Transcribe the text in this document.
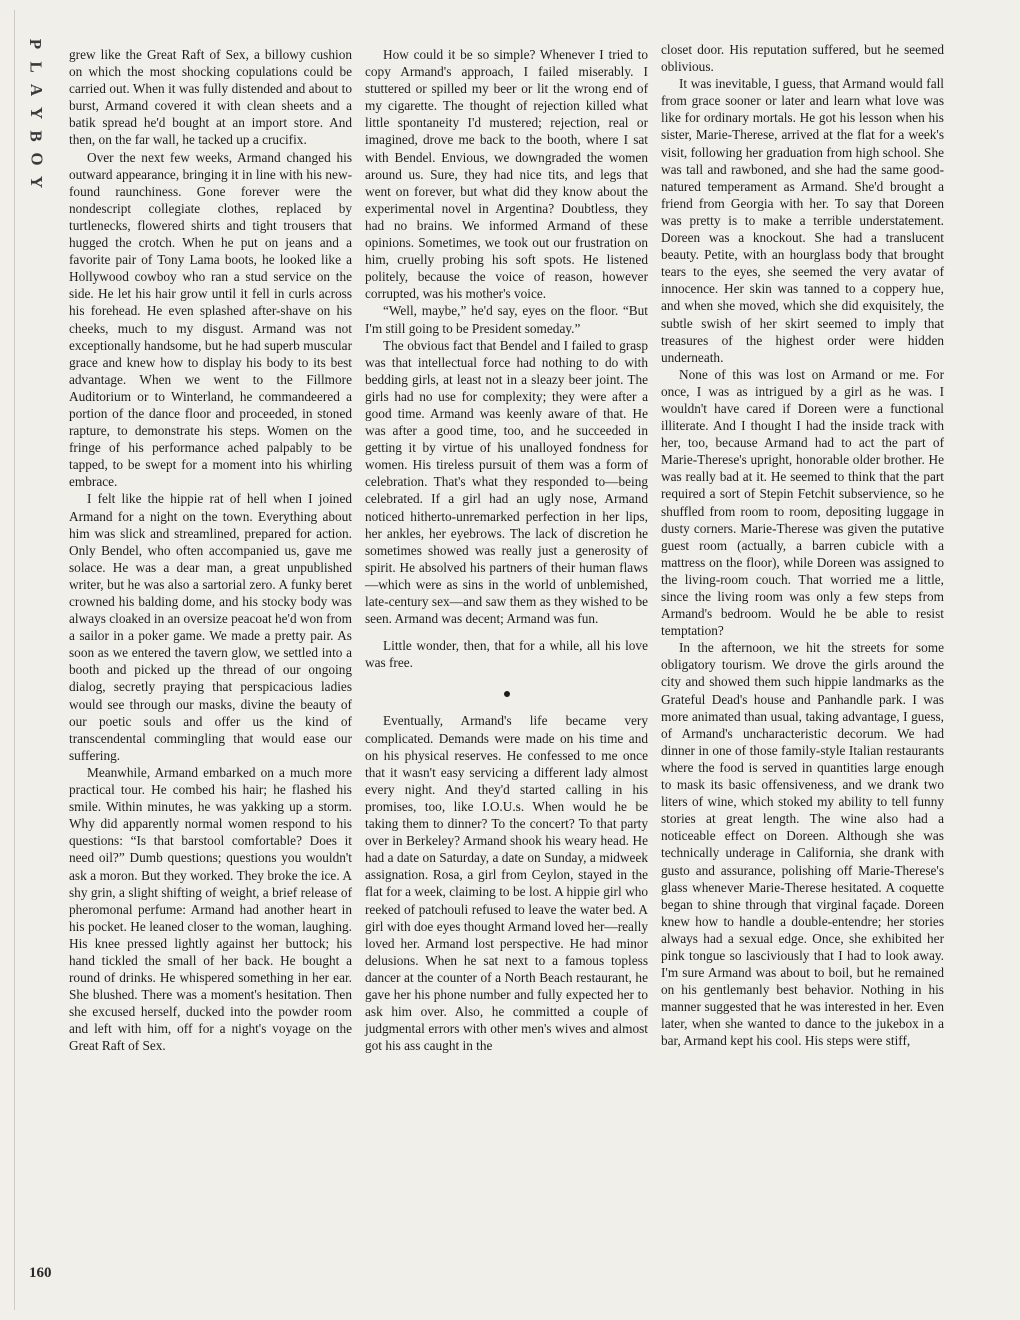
P
L
A
Y
B
O
Y

grew like the Great Raft of Sex, a billowy cushion on which the most shocking copulations could be carried out. When it was fully distended and about to burst, Armand covered it with clean sheets and a batik spread he'd bought at an import store. And then, on the far wall, he tacked up a crucifix.

Over the next few weeks, Armand changed his outward appearance, bringing it in line with his new-found raunchiness. Gone forever were the nondescript collegiate clothes, replaced by turtlenecks, flowered shirts and tight trousers that hugged the crotch. When he put on jeans and a favorite pair of Tony Lama boots, he looked like a Hollywood cowboy who ran a stud service on the side. He let his hair grow until it fell in curls across his forehead. He even splashed after-shave on his cheeks, much to my disgust. Armand was not exceptionally handsome, but he had superb muscular grace and knew how to display his body to its best advantage. When we went to the Fillmore Auditorium or to Winterland, he commandeered a portion of the dance floor and proceeded, in stoned rapture, to demonstrate his steps. Women on the fringe of his performance ached palpably to be tapped, to be swept for a moment into his whirling embrace.

I felt like the hippie rat of hell when I joined Armand for a night on the town. Everything about him was slick and streamlined, prepared for action. Only Bendel, who often accompanied us, gave me solace. He was a dear man, a great unpublished writer, but he was also a sartorial zero. A funky beret crowned his balding dome, and his stocky body was always cloaked in an oversize peacoat he'd won from a sailor in a poker game. We made a pretty pair. As soon as we entered the tavern glow, we settled into a booth and picked up the thread of our ongoing dialog, secretly praying that perspicacious ladies would see through our masks, divine the beauty of our poetic souls and offer us the kind of transcendental commingling that would ease our suffering.

Meanwhile, Armand embarked on a much more practical tour. He combed his hair; he flashed his smile. Within minutes, he was yakking up a storm. Why did apparently normal women respond to his questions: “Is that barstool comfortable? Does it need oil?” Dumb questions; questions you wouldn't ask a moron. But they worked. They broke the ice. A shy grin, a slight shifting of weight, a brief release of pheromonal perfume: Armand had another heart in his pocket. He leaned closer to the woman, laughing. His knee pressed lightly against her buttock; his hand tickled the small of her back. He bought a round of drinks. He whispered something in her ear. She blushed. There was a moment's hesitation. Then she excused herself, ducked into the powder room and left with him, off for a night's voyage on the Great Raft of Sex.

How could it be so simple? Whenever I tried to copy Armand's approach, I failed miserably. I stuttered or spilled my beer or lit the wrong end of my cigarette. The thought of rejection killed what little spontaneity I'd mustered; rejection, real or imagined, drove me back to the booth, where I sat with Bendel. Envious, we downgraded the women around us. Sure, they had nice tits, and legs that went on forever, but what did they know about the experimental novel in Argentina? Doubtless, they had no brains. We informed Armand of these opinions. Sometimes, we took out our frustration on him, cruelly probing his soft spots. He listened politely, because the voice of reason, however corrupted, was his mother's voice.

“Well, maybe,” he'd say, eyes on the floor. “But I'm still going to be President someday.”

The obvious fact that Bendel and I failed to grasp was that intellectual force had nothing to do with bedding girls, at least not in a sleazy beer joint. The girls had no use for complexity; they were after a good time. Armand was keenly aware of that. He was after a good time, too, and he succeeded in getting it by virtue of his unalloyed fondness for women. His tireless pursuit of them was a form of celebration. That's what they responded to—being celebrated. If a girl had an ugly nose, Armand noticed hitherto-unremarked perfection in her lips, her ankles, her eyebrows. The lack of discretion he sometimes showed was really just a generosity of spirit. He absolved his partners of their human flaws—which were as sins in the world of unblemished, late-century sex—and saw them as they wished to be seen. Armand was decent; Armand was fun.

Little wonder, then, that for a while, all his love was free.

Eventually, Armand's life became very complicated. Demands were made on his time and on his physical reserves. He confessed to me once that it wasn't easy servicing a different lady almost every night. And they'd started calling in his promises, too, like I.O.U.s. When would he be taking them to dinner? To the concert? To that party over in Berkeley? Armand shook his weary head. He had a date on Saturday, a date on Sunday, a midweek assignation. Rosa, a girl from Ceylon, stayed in the flat for a week, claiming to be lost. A hippie girl who reeked of patchouli refused to leave the water bed. A girl with doe eyes thought Armand loved her—really loved her. Armand lost perspective. He had minor delusions. When he sat next to a famous topless dancer at the counter of a North Beach restaurant, he gave her his phone number and fully expected her to ask him over. Also, he committed a couple of judgmental errors with other men's wives and almost got his ass caught in the

closet door. His reputation suffered, but he seemed oblivious.

It was inevitable, I guess, that Armand would fall from grace sooner or later and learn what love was like for ordinary mortals. He got his lesson when his sister, Marie-Therese, arrived at the flat for a week's visit, following her graduation from high school. She was tall and rawboned, and she had the same good-natured temperament as Armand. She'd brought a friend from Georgia with her. To say that Doreen was pretty is to make a terrible understatement. Doreen was a knockout. She had a translucent beauty. Petite, with an hourglass body that brought tears to the eyes, she seemed the very avatar of innocence. Her skin was tanned to a coppery hue, and when she moved, which she did exquisitely, the subtle swish of her skirt seemed to imply that treasures of the highest order were hidden underneath.

None of this was lost on Armand or me. For once, I was as intrigued by a girl as he was. I wouldn't have cared if Doreen were a functional illiterate. And I thought I had the inside track with her, too, because Armand had to act the part of Marie-Therese's upright, honorable older brother. He was really bad at it. He seemed to think that the part required a sort of Stepin Fetchit subservience, so he shuffled from room to room, depositing luggage in dusty corners. Marie-Therese was given the putative guest room (actually, a barren cubicle with a mattress on the floor), while Doreen was assigned to the living-room couch. That worried me a little, since the living room was only a few steps from Armand's bedroom. Would he be able to resist temptation?

In the afternoon, we hit the streets for some obligatory tourism. We drove the girls around the city and showed them such hippie landmarks as the Grateful Dead's house and Panhandle park. I was more animated than usual, taking advantage, I guess, of Armand's uncharacteristic decorum. We had dinner in one of those family-style Italian restaurants where the food is served in quantities large enough to mask its basic offensiveness, and we drank two liters of wine, which stoked my ability to tell funny stories at great length. The wine also had a noticeable effect on Doreen. Although she was technically underage in California, she drank with gusto and assurance, polishing off Marie-Therese's glass whenever Marie-Therese hesitated. A coquette began to shine through that virginal façade. Doreen knew how to handle a double-entendre; her stories always had a sexual edge. Once, she exhibited her pink tongue so lasciviously that I had to look away. I'm sure Armand was about to boil, but he remained on his gentlemanly best behavior. Nothing in his manner suggested that he was interested in her. Even later, when she wanted to dance to the jukebox in a bar, Armand kept his cool. His steps were stiff,

160
